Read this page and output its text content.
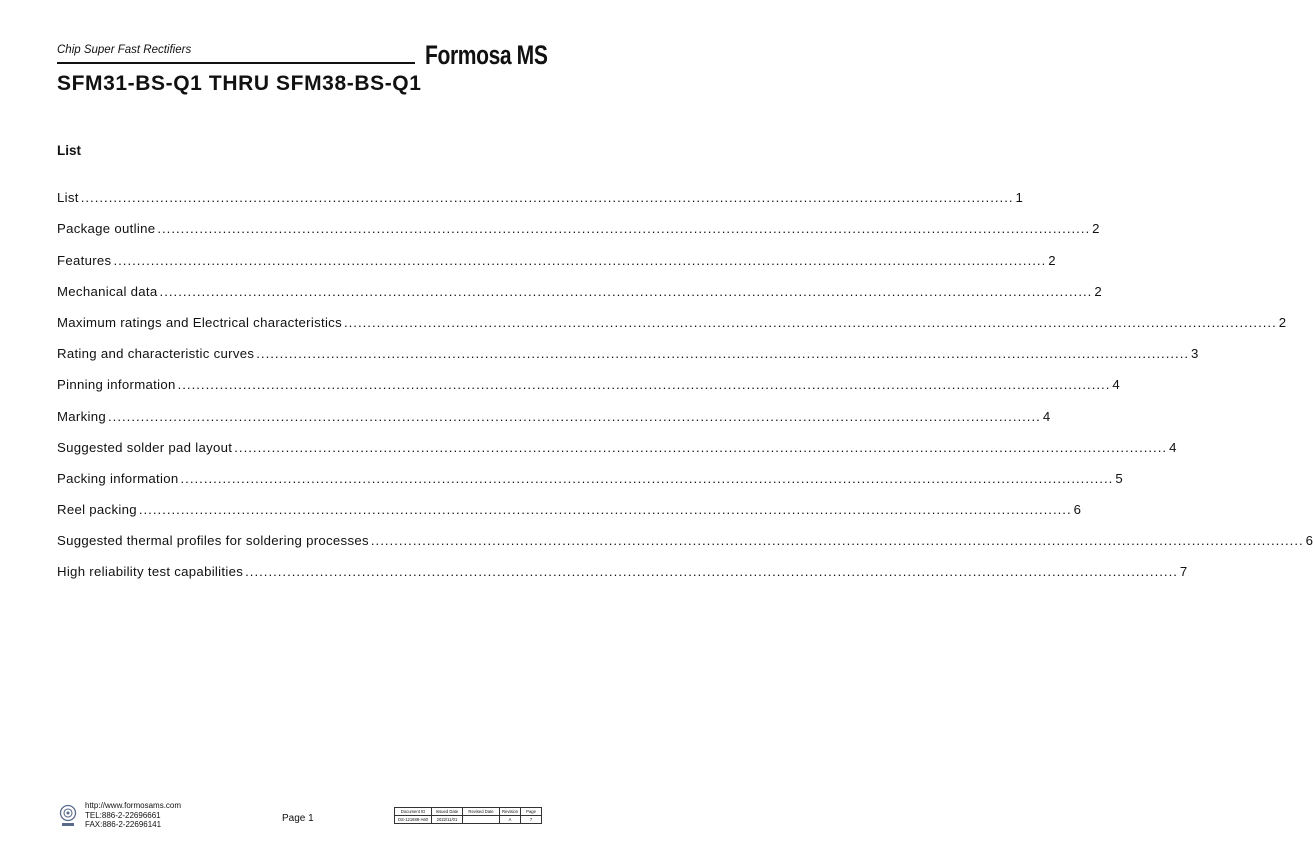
Chip Super Fast Rectifiers	Formosa MS
SFM31-BS-Q1 THRU SFM38-BS-Q1
List
List ........................................................................................................................................................................................................ 1
Package outline ........................................................................................................................................................................................................ 2
Features ........................................................................................................................................................................................................ 2
Mechanical data ........................................................................................................................................................................................................ 2
Maximum ratings and Electrical characteristics ........................................................................................................................................................................................................ 2
Rating and characteristic curves ........................................................................................................................................................................................................ 3
Pinning information ........................................................................................................................................................................................................ 4
Marking ........................................................................................................................................................................................................ 4
Suggested solder pad layout ........................................................................................................................................................................................................ 4
Packing information ........................................................................................................................................................................................................ 5
Reel packing ........................................................................................................................................................................................................ 6
Suggested thermal profiles for soldering processes ........................................................................................................................................................................................................ 6
High reliability test capabilities ........................................................................................................................................................................................................ 7
http://www.formosams.com
TEL:886-2-22696661
FAX:886-2-22696141
Page 1
Document ID	Issued Date	Revised Date	Revision	Page
DS-121688-A60	2022/11/01		A	7
